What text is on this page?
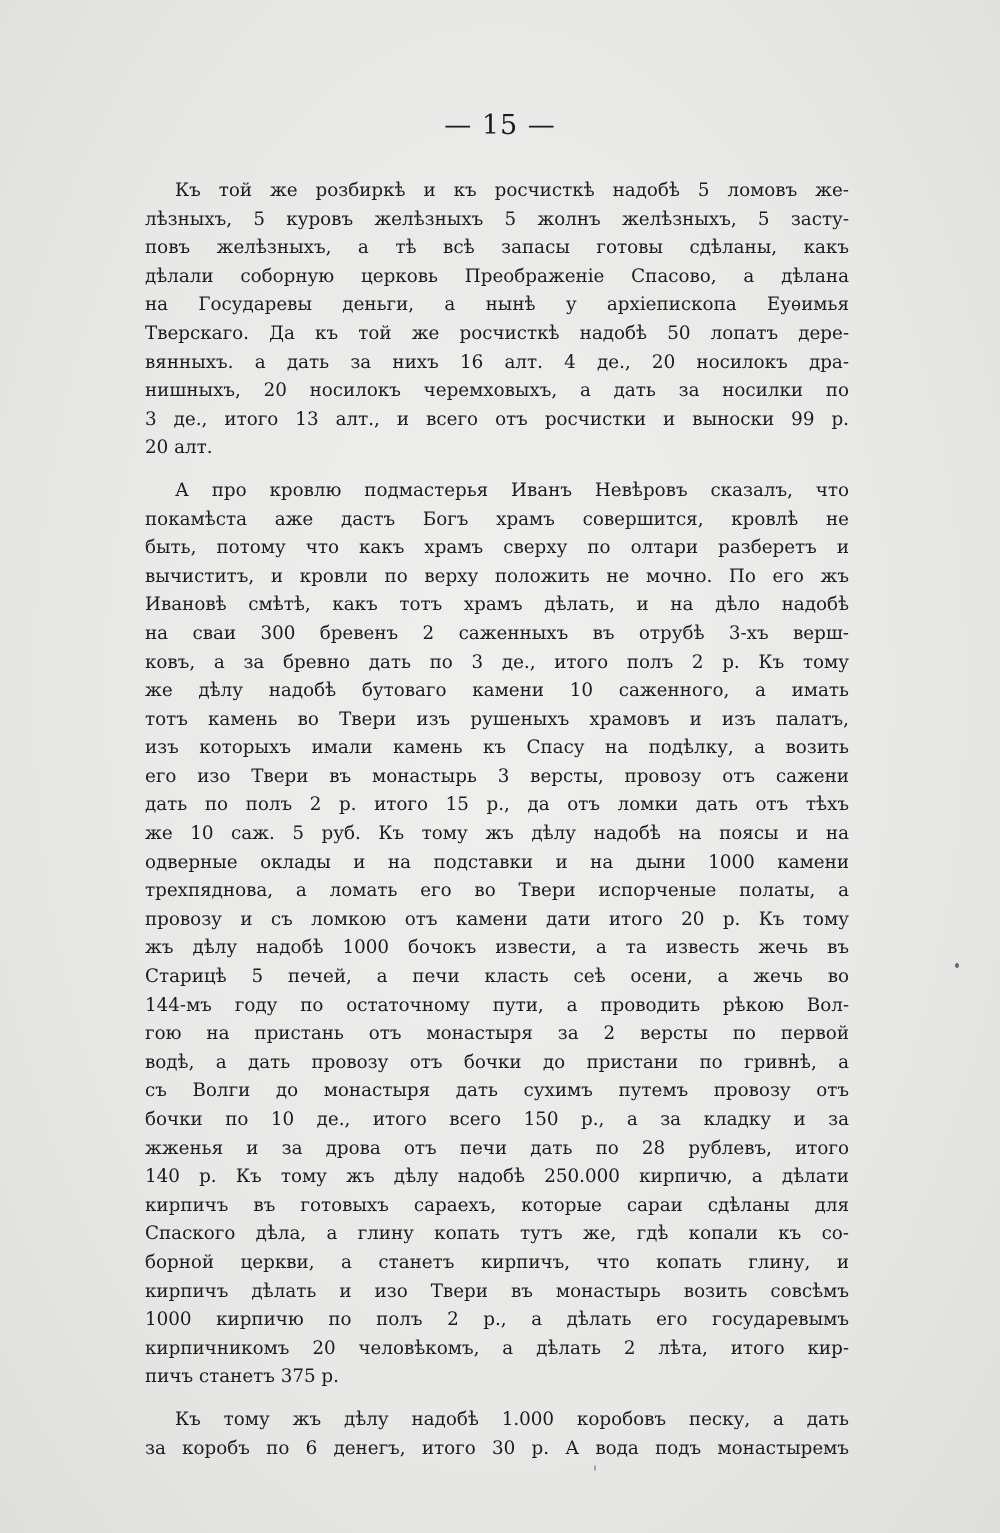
— 15 —
Къ той же розбиркѣ и къ росчисткѣ надобѣ 5 ломовъ же-
лѣзныхъ, 5 куровъ желѣзныхъ 5 жолнъ желѣзныхъ, 5 засту-
повъ желѣзныхъ, а тѣ всѣ запасы готовы сдѣланы, какъ
дѣлали соборную церковь Преображеніе Спасово, а дѣлана
на Государевы деньги, а нынѣ у архіепископа Еуѳимья
Тверскаго. Да къ той же росчисткѣ надобѣ 50 лопатъ дере-
вянныхъ. а дать за нихъ 16 алт. 4 де., 20 носилокъ дра-
нишныхъ, 20 носилокъ черемховыхъ, а дать за носилки по
3 де., итого 13 алт., и всего отъ росчистки и выноски 99 р.
20 алт.
А про кровлю подмастерья Иванъ Невѣровъ сказалъ, что
покамѣста аже дастъ Богъ храмъ совершится, кровлѣ не
быть, потому что какъ храмъ сверху по олтари разберетъ и
вычиститъ, и кровли по верху положить не мочно. По его жъ
Ивановѣ смѣтѣ, какъ тотъ храмъ дѣлать, и на дѣло надобѣ
на сваи 300 бревенъ 2 саженныхъ въ отрубѣ 3-хъ верш-
ковъ, а за бревно дать по 3 де., итого полъ 2 р. Къ тому
же дѣлу надобѣ бутоваго камени 10 саженного, а имать
тотъ камень во Твери изъ рушеныхъ храмовъ и изъ палатъ,
изъ которыхъ имали камень къ Спасу на подѣлку, а возить
его изо Твери въ монастырь 3 версты, провозу отъ сажени
дать по полъ 2 р. итого 15 р., да отъ ломки дать отъ тѣхъ
же 10 саж. 5 руб. Къ тому жъ дѣлу надобѣ на поясы и на
одверные оклады и на подставки и на дыни 1000 камени
трехпяднова, а ломать его во Твери испорченые полаты, а
провозу и съ ломкою отъ камени дати итого 20 р. Къ тому
жъ дѣлу надобѣ 1000 бочокъ извести, а та известь жечь въ
Старицѣ 5 печей, а печи класть сеѣ осени, а жечь во
144-мъ году по остаточному пути, а проводить рѣкою Вол-
гою на пристань отъ монастыря за 2 версты по первой
водѣ, а дать провозу отъ бочки до пристани по гривнѣ, а
съ Волги до монастыря дать сухимъ путемъ провозу отъ
бочки по 10 де., итого всего 150 р., а за кладку и за
жженья и за дрова отъ печи дать по 28 рублевъ, итого
140 р. Къ тому жъ дѣлу надобѣ 250.000 кирпичю, а дѣлати
кирпичъ въ готовыхъ сараехъ, которые сараи сдѣланы для
Спаского дѣла, а глину копать тутъ же, гдѣ копали къ со-
борной церкви, а станетъ кирпичъ, что копать глину, и
кирпичъ дѣлать и изо Твери въ монастырь возить совсѣмъ
1000 кирпичю по полъ 2 р., а дѣлать его государевымъ
кирпичникомъ 20 человѣкомъ, а дѣлать 2 лѣта, итого кир-
пичъ станетъ 375 р.
Къ тому жъ дѣлу надобѣ 1.000 коробовъ песку, а дать
за коробъ по 6 денегъ, итого 30 р. А вода подъ монастыремъ
